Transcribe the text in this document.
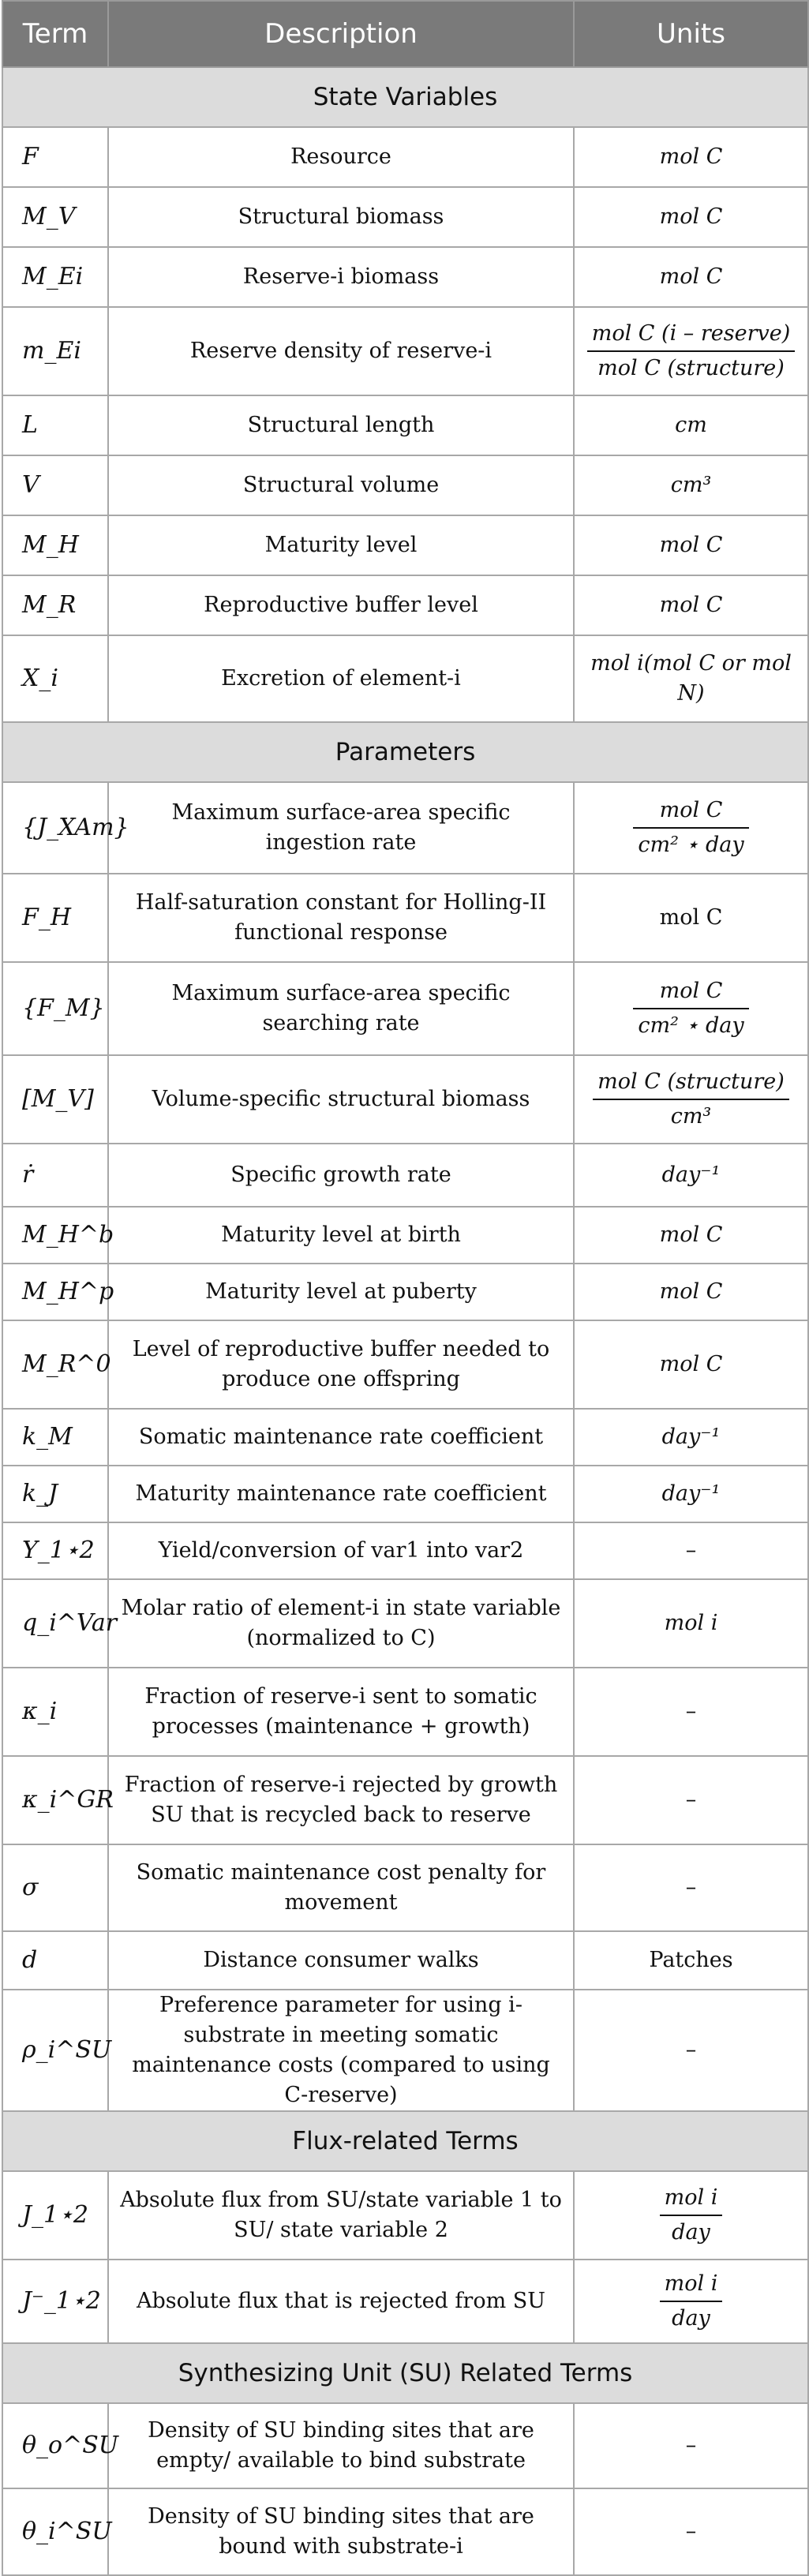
Term	Description	Units
State Variables		
F	Resource	mol C
M_V	Structural biomass	mol C
M_Ei	Reserve-i biomass	mol C
m_Ei	Reserve density of reserve-i	$\frac{\text{mol C (i – reserve)}}{\text{mol C (structure)}}$

L	Structural length	cm
V	Structural volume	cm³
M_H	Maturity level	mol C
M_R	Reproductive buffer level	mol C
X_i	Excretion of element-i	mol i(mol C or mol N)
Parameters		
{J_XAm}	Maximum surface-area specific ingestion rate	$\frac{\text{mol C}}{\text{cm² ⋆ day}}$

F_H	Half-saturation constant for Holling-II functional response	mol C
{F_M}	Maximum surface-area specific searching rate	$\frac{\text{mol C}}{\text{cm² ⋆ day}}$

[M_V]	Volume-specific structural biomass	$\frac{\text{mol C (structure)}}{\text{cm³}}$

ṙ	Specific growth rate	day⁻¹
M_H^b	Maturity level at birth	mol C
M_H^p	Maturity level at puberty	mol C
M_R^0	Level of reproductive buffer needed to produce one offspring	mol C
k_M	Somatic maintenance rate coefficient	day⁻¹
k_J	Maturity maintenance rate coefficient	day⁻¹
Y_1⋆2	Yield/conversion of var1 into var2	–
q_i^Var	Molar ratio of element-i in state variable (normalized to C)	mol i
κ_i	Fraction of reserve-i sent to somatic processes (maintenance + growth)	–
κ_i^GR	Fraction of reserve-i rejected by growth SU that is recycled back to reserve	–
σ	Somatic maintenance cost penalty for movement	–
d	Distance consumer walks	Patches
ρ_i^SU	Preference parameter for using i-substrate in meeting somatic maintenance costs (compared to using C-reserve)	–
Flux-related Terms		
J_1⋆2	Absolute flux from SU/state variable 1 to SU/ state variable 2	$\frac{\text{mol i}}{\text{day}}$

J⁻_1⋆2	Absolute flux that is rejected from SU	$\frac{\text{mol i}}{\text{day}}$

Synthesizing Unit (SU) Related Terms		
θ_o^SU	Density of SU binding sites that are empty/ available to bind substrate	–
θ_i^SU	Density of SU binding sites that are bound with substrate-i	–
